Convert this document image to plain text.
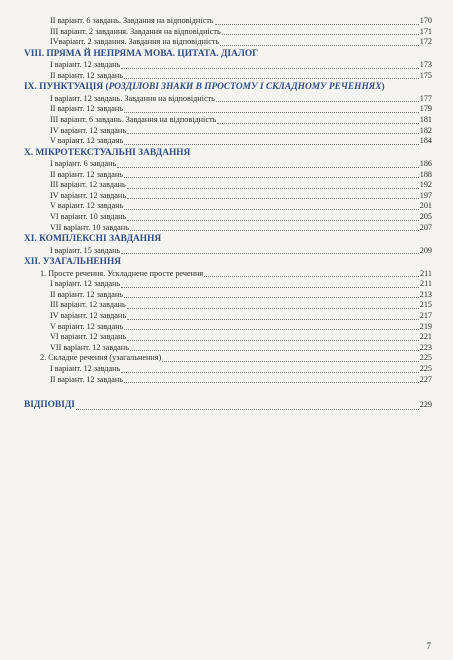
II варіант. 6 завдань. Завдання на відповідність	170
III варіант. 2 завдання. Завдання на відповідність	171
IVваріант. 2 завдання. Завдання на відповідність	172
VIII. ПРЯМА Й НЕПРЯМА МОВА. ЦИТАТА. ДІАЛОГ
I варіант. 12 завдань	173
II варіант. 12 завдань	175
IX. ПУНКТУАЦІЯ (РОЗДІЛОВІ ЗНАКИ В ПРОСТОМУ І СКЛАДНОМУ РЕЧЕННЯХ)
I варіант. 12 завдань. Завдання на відповідність	177
II варіант. 12 завдань	179
III варіант. 6 завдань. Завдання на відповідність	181
IV варіант. 12 завдань	182
V варіант. 12 завдань	184
X. МІКРОТЕКСТУАЛЬНІ ЗАВДАННЯ
I варіант. 6 завдань	186
II варіант. 12 завдань	188
III варіант. 12 завдань	192
IV варіант. 12 завдань	197
V варіант. 12 завдань	201
VI варіант. 10 завдань	205
VII варіант. 10 завдань	207
XI. КОМПЛЕКСНІ ЗАВДАННЯ
I варіант. 15 завдань	209
XII. УЗАГАЛЬНЕННЯ
1. Просте речення. Ускладнене просте речення	211
I варіант. 12 завдань	211
II варіант. 12 завдань	213
III варіант. 12 завдань	215
IV варіант. 12 завдань	217
V варіант. 12 завдань	219
VI варіант. 12 завдань	221
VII варіант. 12 завдань	223
2. Складне речення (узагальнення)	225
I варіант. 12 завдань	225
II варіант. 12 завдань	227
ВІДПОВІДІ	229
7
